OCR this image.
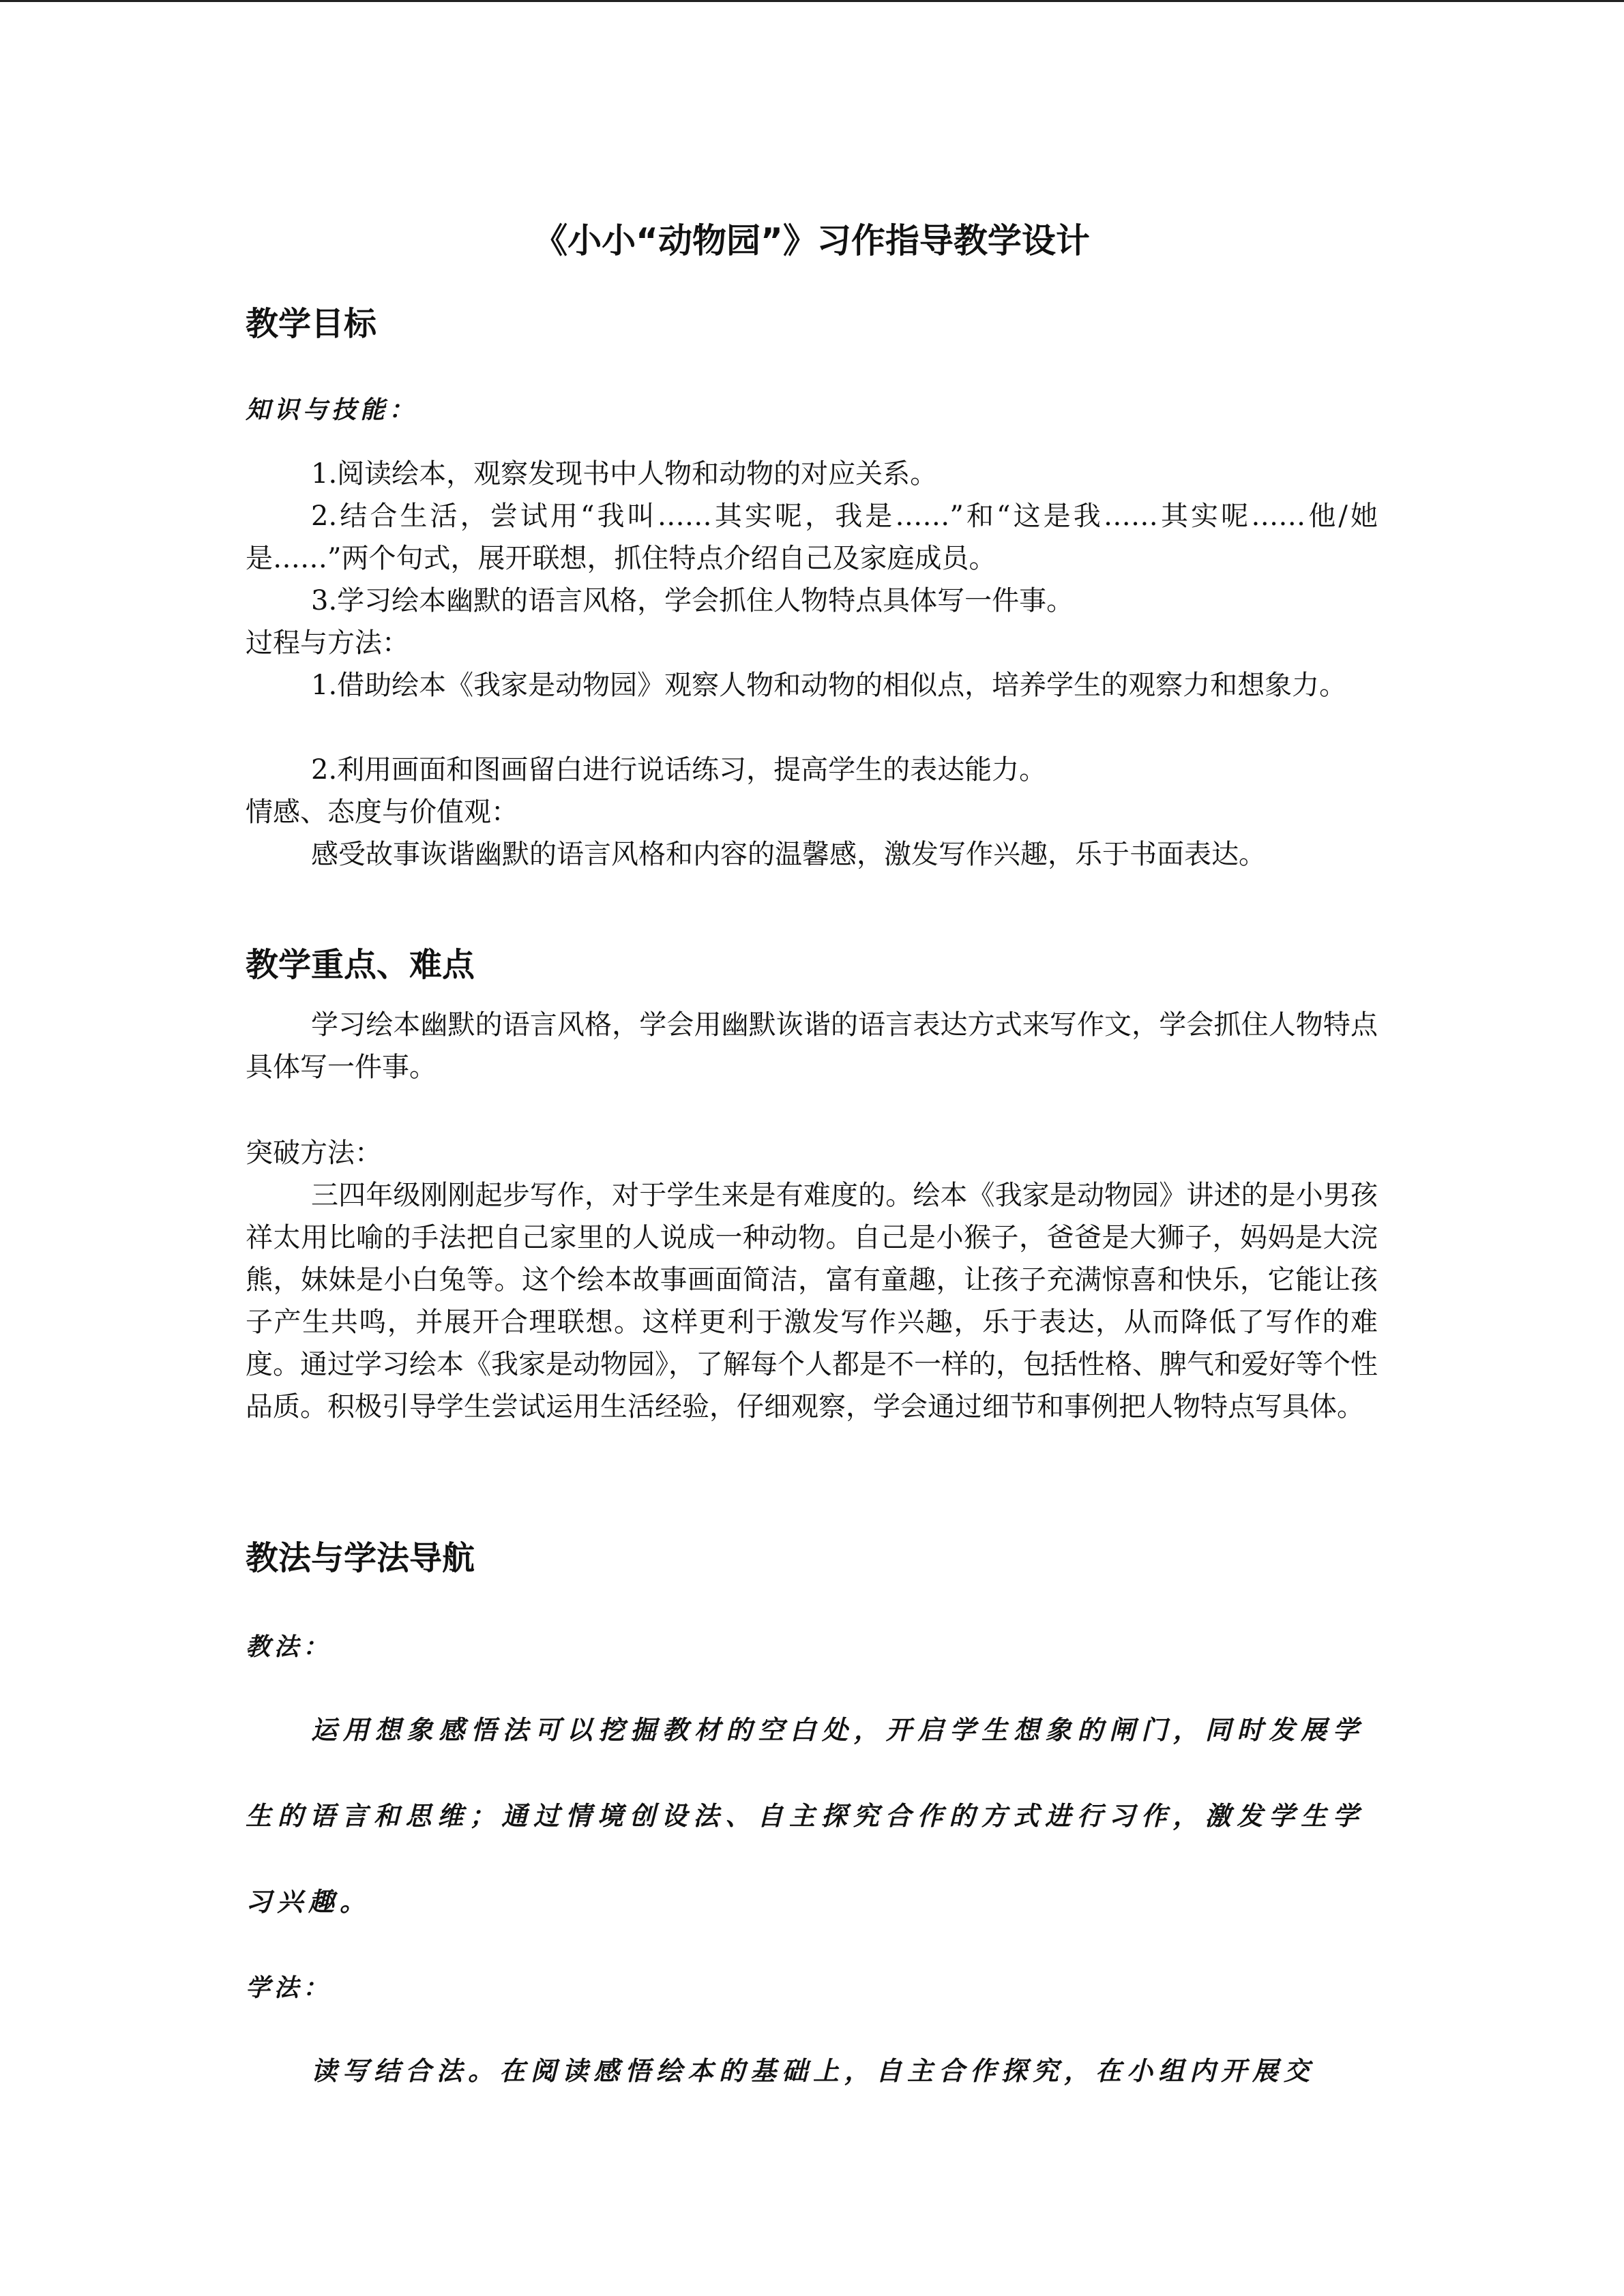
《小小“动物园”》习作指导教学设计
教学目标
知识与技能：
1.阅读绘本，观察发现书中人物和动物的对应关系。
2.结合生活，尝试用“我叫……其实呢，我是……”和“这是我……其实呢……他/她是……”两个句式，展开联想，抓住特点介绍自己及家庭成员。
3.学习绘本幽默的语言风格，学会抓住人物特点具体写一件事。
过程与方法：
1.借助绘本《我家是动物园》观察人物和动物的相似点，培养学生的观察力和想象力。
2.利用画面和图画留白进行说话练习，提高学生的表达能力。
情感、态度与价值观：
感受故事诙谐幽默的语言风格和内容的温馨感，激发写作兴趣，乐于书面表达。
教学重点、难点
学习绘本幽默的语言风格，学会用幽默诙谐的语言表达方式来写作文，学会抓住人物特点具体写一件事。
突破方法：
三四年级刚刚起步写作，对于学生来是有难度的。绘本《我家是动物园》讲述的是小男孩祥太用比喻的手法把自己家里的人说成一种动物。自己是小猴子，爸爸是大狮子，妈妈是大浣熊，妹妹是小白兔等。这个绘本故事画面简洁，富有童趣，让孩子充满惊喜和快乐，它能让孩子产生共鸣，并展开合理联想。这样更利于激发写作兴趣，乐于表达，从而降低了写作的难度。通过学习绘本《我家是动物园》，了解每个人都是不一样的，包括性格、脾气和爱好等个性品质。积极引导学生尝试运用生活经验，仔细观察，学会通过细节和事例把人物特点写具体。
教法与学法导航
教法：
运用想象感悟法可以挖掘教材的空白处，开启学生想象的闸门，同时发展学生的语言和思维；通过情境创设法、自主探究合作的方式进行习作，激发学生学习兴趣。
学法：
读写结合法。在阅读感悟绘本的基础上，自主合作探究，在小组内开展交
